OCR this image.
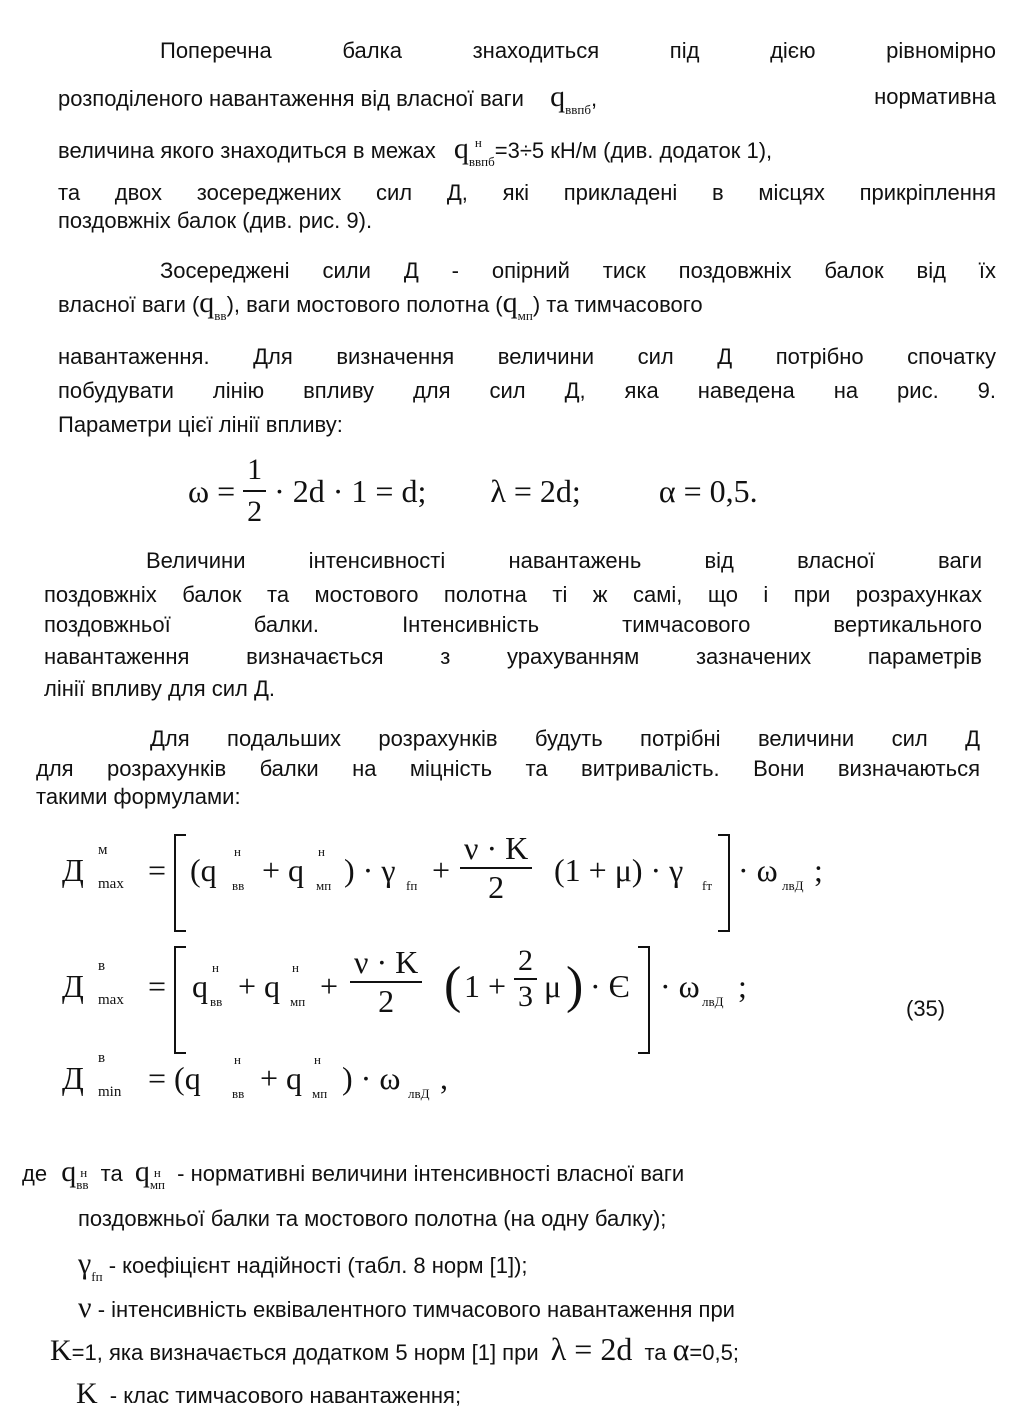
Поперечна балка знаходиться під дією рівномірно
розподіленого навантаження від власної ваги $q_{ввпб}$,	нормативна
величина якого знаходиться в межах q $_{н ввпб}$=3÷5 кН/м (див. додаток 1),
та двох зосереджених сил Д, які прикладені в місцях прикріплення
поздовжніх балок (див. рис. 9).
Зосереджені сили Д - опірний тиск поздовжніх балок від їх
власної ваги $(q_{вв})$, ваги мостового полотна $(q_{мп})$ та тимчасового
навантаження. Для визначення величини сил Д потрібно спочатку
побудувати лінію впливу для сил Д, яка наведена на рис. 9.
Параметри цієї лінії впливу:
$\omega = \frac{1}{2} \cdot 2d \cdot 1 = d$; λ = 2d; α = 0,5.
Величини інтенсивності навантажень від власної ваги
поздовжніх балок та мостового полотна ті ж самі, що і при розрахунках
поздовжньої балки. Інтенсивність тимчасового вертикального
навантаження визначається з урахуванням зазначених параметрів
лінії впливу для сил Д.
Для подальших розрахунків будуть потрібні величини сил Д
для розрахунків балки на міцність та витривалість. Вони визначаються
такими формулами:
Д
м
max = (q
н
вв + q
н
мп ) · γ fп + $\frac{\nu \cdot K}{2} (1 + \mu) \cdot \gamma$ fт · ω лвД ;
Д
в
max = q
н
вв + q
н
мп + $\frac{\nu \cdot K}{2}$ ( $1 + \frac{2}{3}$ μ ) · Є · ω лвД ;
(35)
Д
в
min = (q
н
вв + q
н
мп ) · ω лвД ,
де q $_{н вв}$ та q $_{н мп}$ - нормативні величини інтенсивності власної ваги
поздовжньої балки та мостового полотна (на одну балку);
$\gamma_{fп}$ - коефіцієнт надійності (табл. 8 норм [1]);
ν - інтенсивність еквівалентного тимчасового навантаження при
K=1, яка визначається додатком 5 норм [1] при λ = 2d та α=0,5;
K - клас тимчасового навантаження;
